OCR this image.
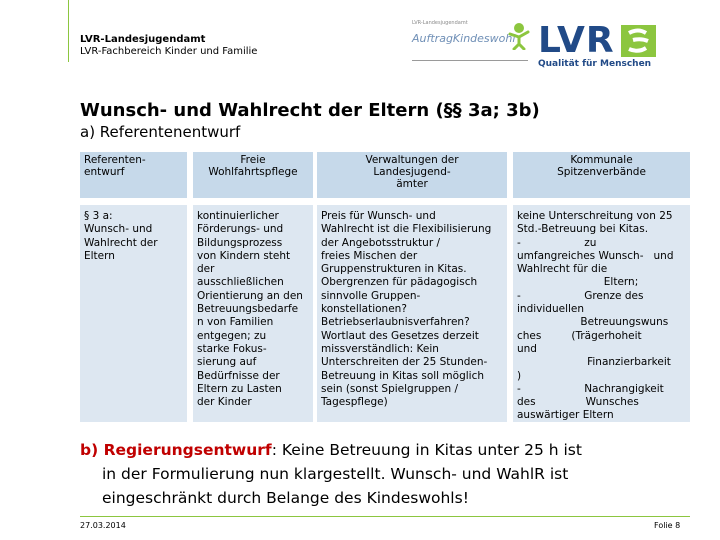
LVR-Landesjugendamt
LVR-Fachbereich Kinder und Familie
LVR-Landesjugendamt
AuftragKindeswohl LVR
Qualität für Menschen
Wunsch- und Wahlrecht der Eltern (§§ 3a; 3b)
a) Referentenentwurf
Referenten-
entwurf
Freie
Wohlfahrtspflege
Verwaltungen der
Landesjugend-
ämter
Kommunale
Spitzenverbände
§ 3 a:
Wunsch- und
Wahlrecht der
Eltern
kontinuierlicher
Förderungs- und
Bildungsprozess
von Kindern steht
der
ausschließlichen
Orientierung an den
Betreuungsbedarfe
n von Familien
entgegen; zu
starke Fokus-
sierung auf
Bedürfnisse der
Eltern zu Lasten
der Kinder
Preis für Wunsch- und
Wahlrecht ist die Flexibilisierung
der Angebotsstruktur /
freies Mischen der
Gruppenstrukturen in Kitas.
Obergrenzen für pädagogisch
sinnvolle Gruppen-
konstellationen?
Betriebserlaubnisverfahren?
Wortlaut des Gesetzes derzeit
missverständlich: Kein
Unterschreiten der 25 Stunden-
Betreuung in Kitas soll möglich
sein (sonst Spielgruppen /
Tagespflege)
keine Unterschreitung von 25
Std.-Betreuung bei Kitas.
-                   zu
umfangreiches Wunsch-   und
Wahlrecht für die
Eltern;
-                   Grenze des
individuellen
Betreuungswuns
ches         (Trägerhoheit
und
Finanzierbarkeit
)
-                   Nachrangigkeit
des               Wunsches
auswärtiger Eltern
b) Regierungsentwurf: Keine Betreuung in Kitas unter 25 h ist
in der Formulierung nun klargestellt. Wunsch- und WahlR ist
eingeschränkt durch Belange des Kindeswohls!
27.03.2014	Folie 8
